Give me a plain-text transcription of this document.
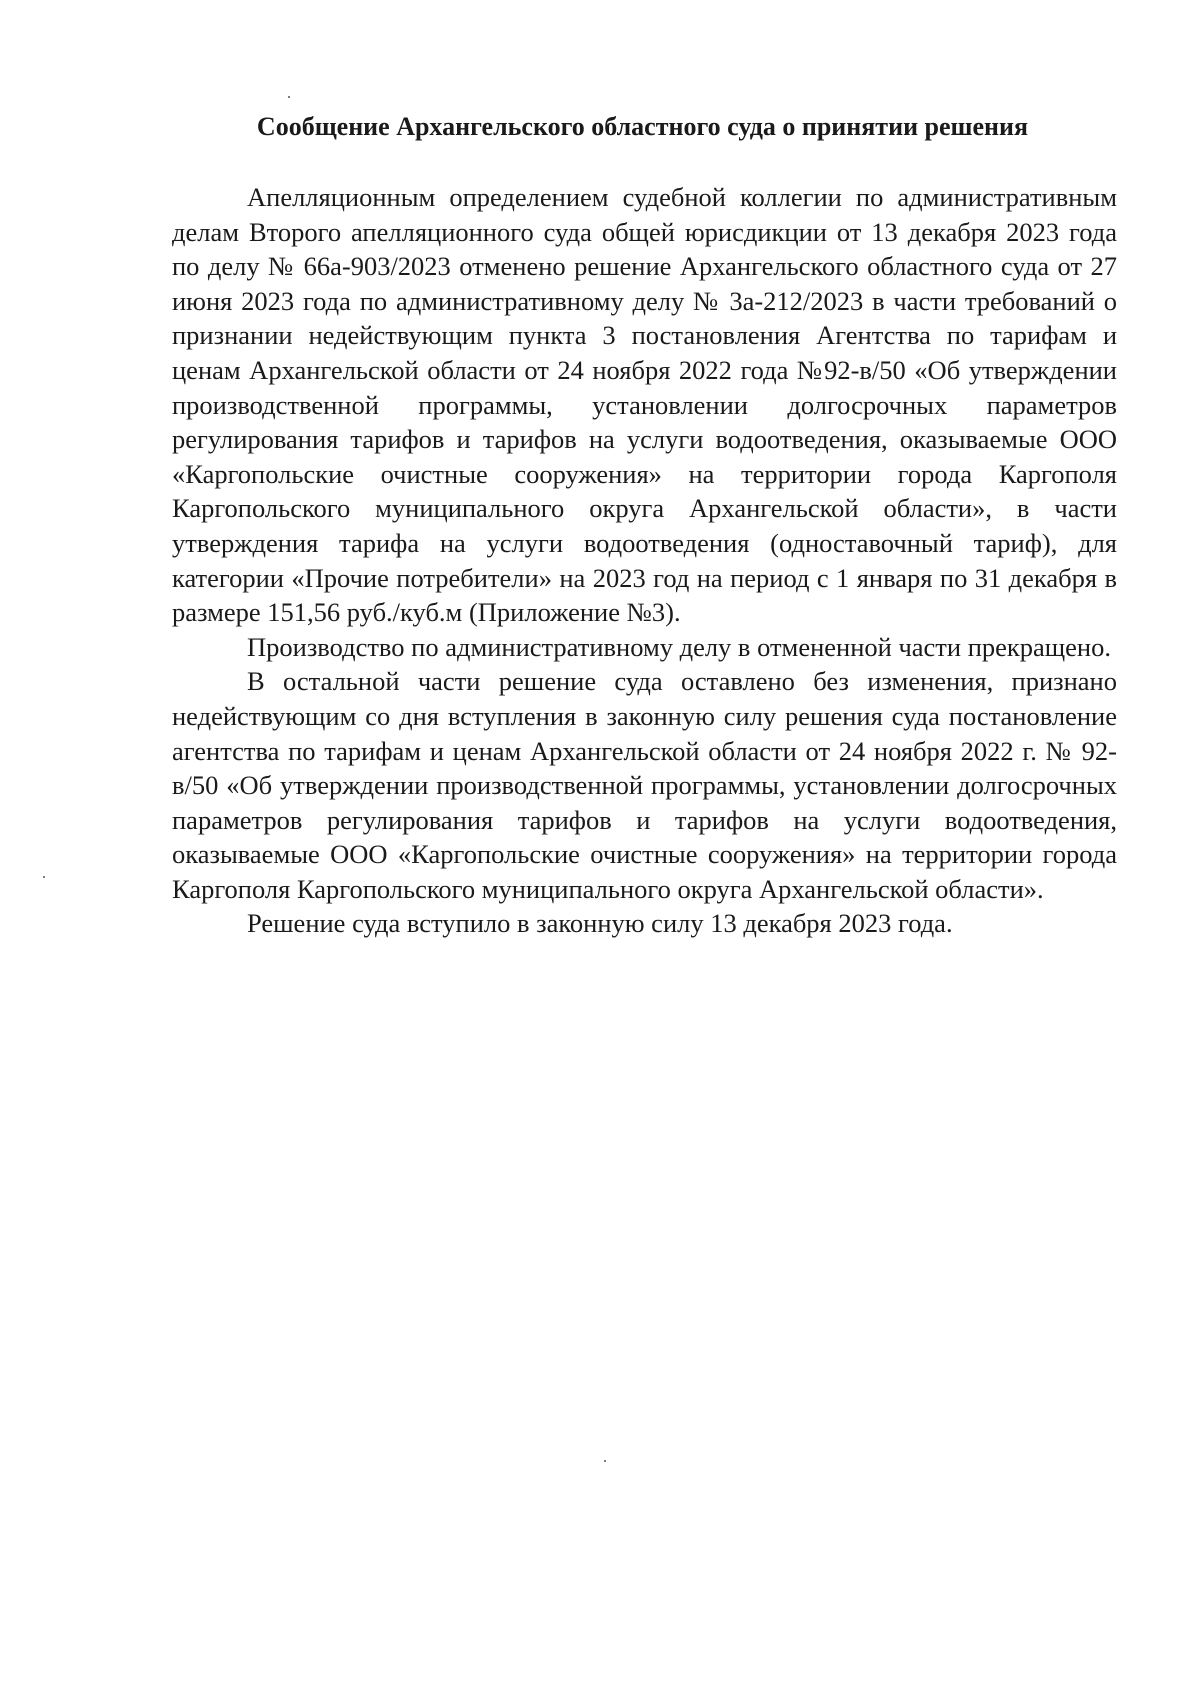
Сообщение Архангельского областного суда о принятии решения

Апелляционным определением судебной коллегии по административным делам Второго апелляционного суда общей юрисдикции от 13 декабря 2023 года по делу № 66а-903/2023 отменено решение Архангельского областного суда от 27 июня 2023 года по административному делу № 3а-212/2023 в части требований о признании недействующим пункта 3 постановления Агентства по тарифам и ценам Архангельской области от 24 ноября 2022 года №92-в/50 «Об утверждении производственной программы, установлении долгосрочных параметров регулирования тарифов и тарифов на услуги водоотведения, оказываемые ООО «Каргопольские очистные сооружения» на территории города Каргополя Каргопольского муниципального округа Архангельской области», в части утверждения тарифа на услуги водоотведения (одноставочный тариф), для категории «Прочие потребители» на 2023 год на период с 1 января по 31 декабря в размере 151,56 руб./куб.м (Приложение №3).

Производство по административному делу в отмененной части прекращено.

В остальной части решение суда оставлено без изменения, признано недействующим со дня вступления в законную силу решения суда постановление агентства по тарифам и ценам Архангельской области от 24 ноября 2022 г. № 92-в/50 «Об утверждении производственной программы, установлении долгосрочных параметров регулирования тарифов и тарифов на услуги водоотведения, оказываемые ООО «Каргопольские очистные сооружения» на территории города Каргополя Каргопольского муниципального округа Архангельской области».

Решение суда вступило в законную силу 13 декабря 2023 года.
